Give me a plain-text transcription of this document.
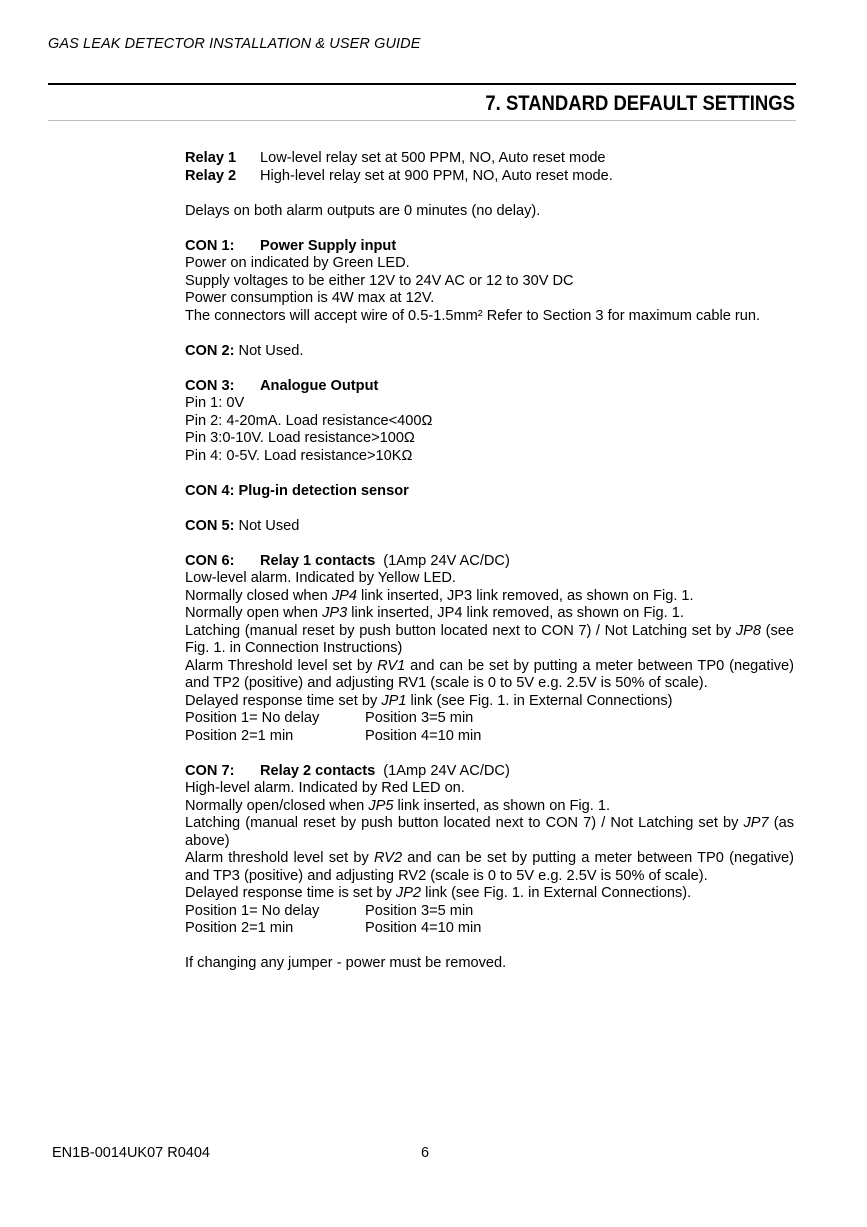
GAS LEAK DETECTOR INSTALLATION & USER GUIDE
7. STANDARD DEFAULT SETTINGS
Relay 1 Low-level relay set at 500 PPM, NO, Auto reset mode
Relay 2 High-level relay set at 900 PPM, NO, Auto reset mode.
Delays on both alarm outputs are 0 minutes (no delay).
CON 1: Power Supply input
Power on indicated by Green LED.
Supply voltages to be either 12V to 24V AC or 12 to 30V DC
Power consumption is 4W max at 12V.
The connectors will accept wire of 0.5-1.5mm² Refer to Section 3 for maximum cable run.
CON 2: Not Used.
CON 3: Analogue Output
Pin 1: 0V
Pin 2: 4-20mA. Load resistance<400Ω
Pin 3:0-10V. Load resistance>100Ω
Pin 4: 0-5V. Load resistance>10KΩ
CON 4: Plug-in detection sensor
CON 5: Not Used
CON 6: Relay 1 contacts (1Amp 24V AC/DC)
Low-level alarm. Indicated by Yellow LED.
Normally closed when JP4 link inserted, JP3 link removed, as shown on Fig. 1.
Normally open when JP3 link inserted, JP4 link removed, as shown on Fig. 1.
Latching (manual reset by push button located next to CON 7) / Not Latching set by JP8 (see Fig. 1. in Connection Instructions)
Alarm Threshold level set by RV1 and can be set by putting a meter between TP0 (negative) and TP2 (positive) and adjusting RV1 (scale is 0 to 5V e.g. 2.5V is 50% of scale).
Delayed response time set by JP1 link (see Fig. 1. in External Connections)
Position 1= No delay	Position 3=5 min
Position 2=1 min	Position 4=10 min
CON 7: Relay 2 contacts (1Amp 24V AC/DC)
High-level alarm. Indicated by Red LED on.
Normally open/closed when JP5 link inserted, as shown on Fig. 1.
Latching (manual reset by push button located next to CON 7) / Not Latching set by JP7 (as above)
Alarm threshold level set by RV2 and can be set by putting a meter between TP0 (negative) and TP3 (positive) and adjusting RV2 (scale is 0 to 5V e.g. 2.5V is 50% of scale).
Delayed response time is set by JP2 link (see Fig. 1. in External Connections).
Position 1= No delay	Position 3=5 min
Position 2=1 min	Position 4=10 min
If changing any jumper - power must be removed.
EN1B-0014UK07 R0404	6
